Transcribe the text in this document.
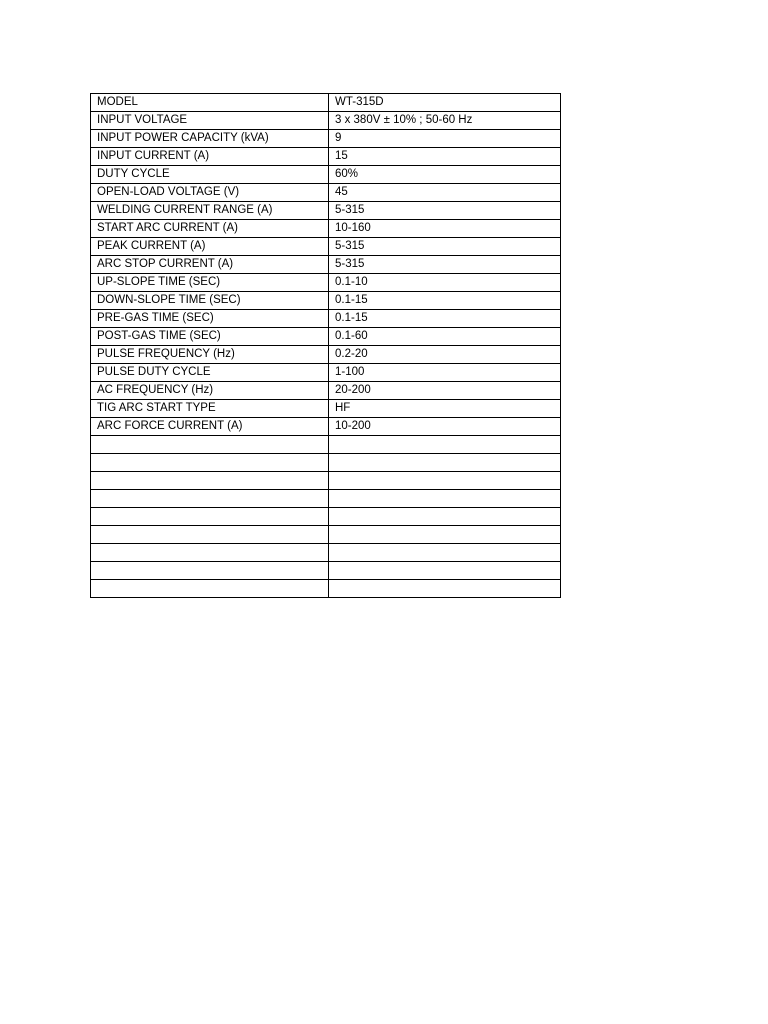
MODEL	WT-315D
INPUT VOLTAGE	3 x 380V ± 10% ; 50-60 Hz
INPUT POWER CAPACITY (kVA)	9
INPUT CURRENT (A)	15
DUTY CYCLE	60%
OPEN-LOAD VOLTAGE (V)	45
WELDING CURRENT RANGE (A)	5-315
START ARC CURRENT (A)	10-160
PEAK CURRENT (A)	5-315
ARC STOP CURRENT (A)	5-315
UP-SLOPE TIME (SEC)	0.1-10
DOWN-SLOPE TIME (SEC)	0.1-15
PRE-GAS TIME (SEC)	0.1-15
POST-GAS TIME (SEC)	0.1-60
PULSE FREQUENCY (Hz)	0.2-20
PULSE DUTY CYCLE	1-100
AC FREQUENCY (Hz)	20-200
TIG ARC START TYPE	HF
ARC FORCE CURRENT (A)	10-200
